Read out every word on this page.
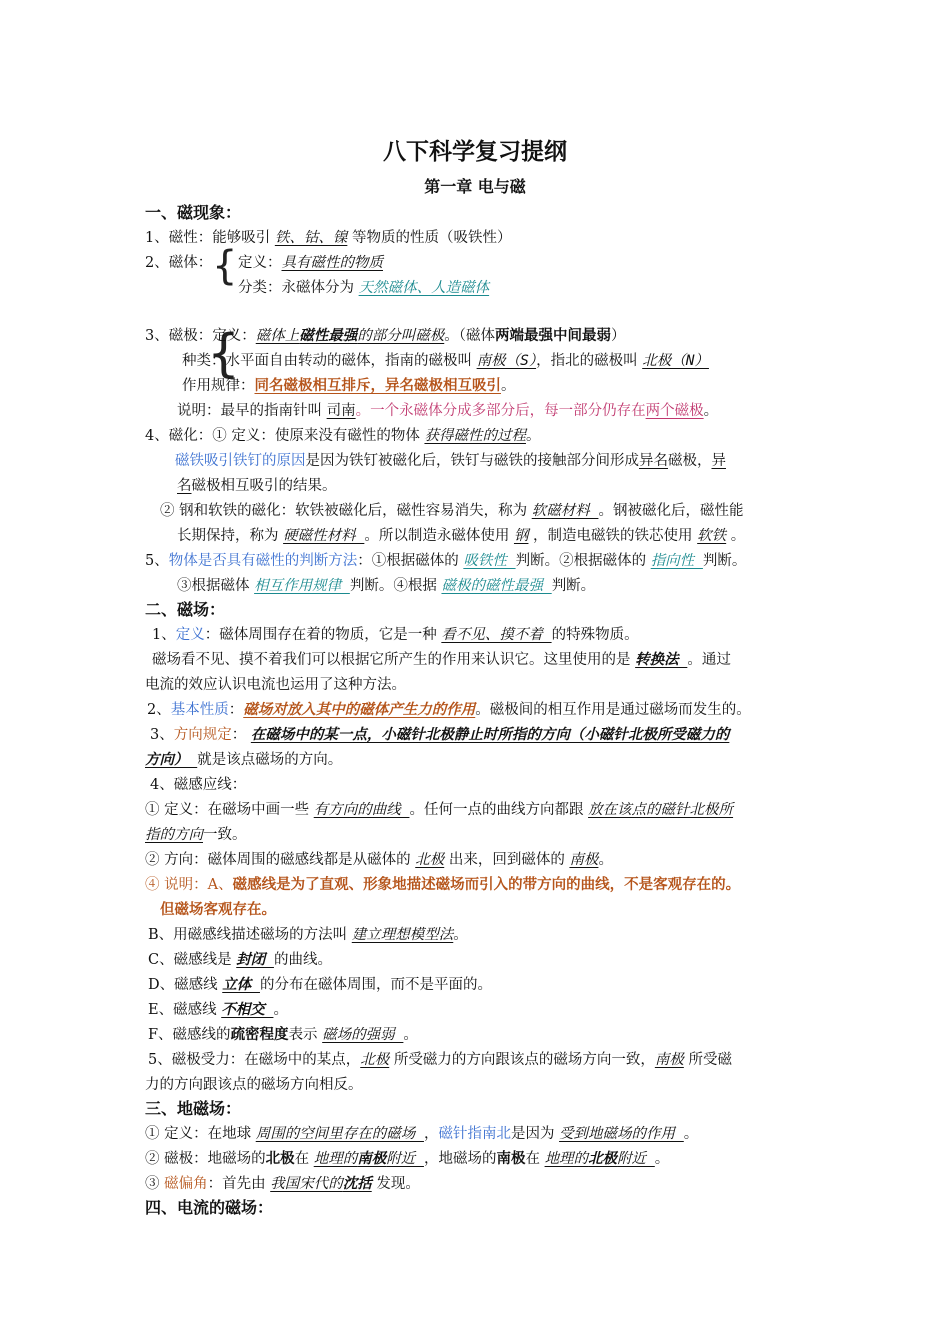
八下科学复习提纲
第一章 电与磁
一、磁现象：
1、磁性：能够吸引 铁、钴、镍 等物质的性质（吸铁性）
2、磁体： { 定义：具有磁性的物质
分类：永磁体分为 天然磁体、人造磁体
{
3、磁极：定义：磁体上磁性最强的部分叫磁极。（磁体两端最强中间最弱）
种类：水平面自由转动的磁体，指南的磁极叫 南极（S），指北的磁极叫 北极（N）
作用规律：同名磁极相互排斥，异名磁极相互吸引。
说明：最早的指南针叫 司南。一个永磁体分成多部分后，每一部分仍存在两个磁极。
4、磁化：① 定义：使原来没有磁性的物体 获得磁性的过程。
磁铁吸引铁钉的原因是因为铁钉被磁化后，铁钉与磁铁的接触部分间形成异名磁极，异
名磁极相互吸引的结果。
② 钢和软铁的磁化：软铁被磁化后，磁性容易消失，称为 软磁材料 。钢被磁化后，磁性能
长期保持，称为 硬磁性材料 。所以制造永磁体使用 钢 ，制造电磁铁的铁芯使用 软铁 。
5、物体是否具有磁性的判断方法：①根据磁体的 吸铁性 判断。②根据磁体的 指向性 判断。
③根据磁体 相互作用规律 判断。④根据 磁极的磁性最强 判断。
二、磁场：
1、定义：磁体周围存在着的物质，它是一种 看不见、摸不着 的特殊物质。
磁场看不见、摸不着我们可以根据它所产生的作用来认识它。这里使用的是 转换法 。通过
电流的效应认识电流也运用了这种方法。
2、基本性质：磁场对放入其中的磁体产生力的作用。磁极间的相互作用是通过磁场而发生的。
3、方向规定： 在磁场中的某一点，小磁针北极静止时所指的方向（小磁针北极所受磁力的
方向） 就是该点磁场的方向。
4、磁感应线：
① 定义：在磁场中画一些 有方向的曲线 。任何一点的曲线方向都跟 放在该点的磁针北极所
指的方向一致。
② 方向：磁体周围的磁感线都是从磁体的 北极 出来，回到磁体的 南极。
④ 说明：A、磁感线是为了直观、形象地描述磁场而引入的带方向的曲线，不是客观存在的。
但磁场客观存在。
B、用磁感线描述磁场的方法叫 建立理想模型法。
C、磁感线是 封闭 的曲线。
D、磁感线 立体 的分布在磁体周围，而不是平面的。
E、磁感线 不相交 。
F、磁感线的疏密程度表示 磁场的强弱 。
5、磁极受力：在磁场中的某点，北极 所受磁力的方向跟该点的磁场方向一致，南极 所受磁
力的方向跟该点的磁场方向相反。
三、地磁场：
① 定义：在地球 周围的空间里存在的磁场 ，磁针指南北是因为 受到地磁场的作用 。
② 磁极：地磁场的北极在 地理的南极附近 ，地磁场的南极在 地理的北极附近 。
③ 磁偏角：首先由 我国宋代的沈括 发现。
四、电流的磁场：
